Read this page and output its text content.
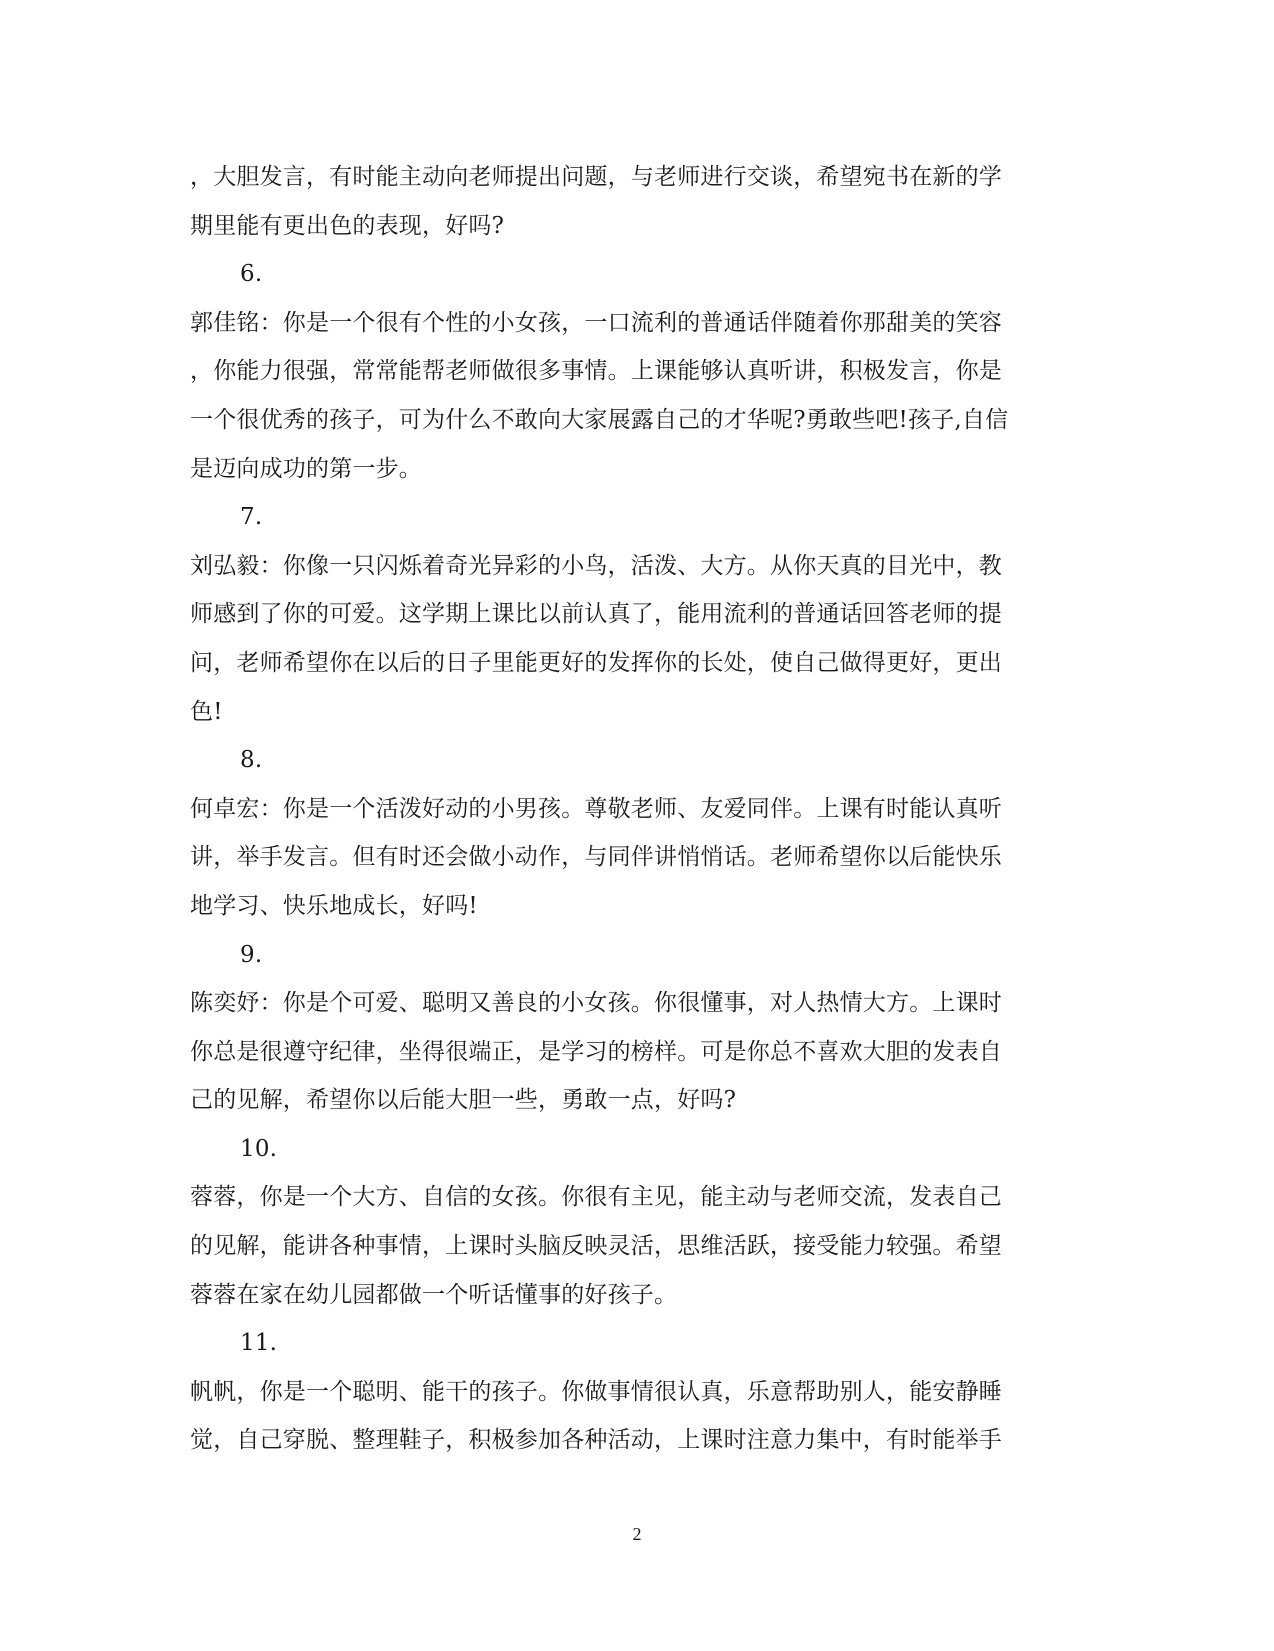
，大胆发言，有时能主动向老师提出问题，与老师进行交谈，希望宛书在新的学
期里能有更出色的表现，好吗?
6.
郭佳铭：你是一个很有个性的小女孩，一口流利的普通话伴随着你那甜美的笑容
，你能力很强，常常能帮老师做很多事情。上课能够认真听讲，积极发言，你是
一个很优秀的孩子，可为什么不敢向大家展露自己的才华呢?勇敢些吧!孩子,自信
是迈向成功的第一步。
7.
刘弘毅：你像一只闪烁着奇光异彩的小鸟，活泼、大方。从你天真的目光中，教
师感到了你的可爱。这学期上课比以前认真了，能用流利的普通话回答老师的提
问，老师希望你在以后的日子里能更好的发挥你的长处，使自己做得更好，更出
色!
8.
何卓宏：你是一个活泼好动的小男孩。尊敬老师、友爱同伴。上课有时能认真听
讲，举手发言。但有时还会做小动作，与同伴讲悄悄话。老师希望你以后能快乐
地学习、快乐地成长，好吗!
9.
陈奕妤：你是个可爱、聪明又善良的小女孩。你很懂事，对人热情大方。上课时
你总是很遵守纪律，坐得很端正，是学习的榜样。可是你总不喜欢大胆的发表自
己的见解，希望你以后能大胆一些，勇敢一点，好吗?
10.
蓉蓉，你是一个大方、自信的女孩。你很有主见，能主动与老师交流，发表自己
的见解，能讲各种事情，上课时头脑反映灵活，思维活跃，接受能力较强。希望
蓉蓉在家在幼儿园都做一个听话懂事的好孩子。
11.
帆帆，你是一个聪明、能干的孩子。你做事情很认真，乐意帮助别人，能安静睡
觉，自己穿脱、整理鞋子，积极参加各种活动，上课时注意力集中，有时能举手
2
